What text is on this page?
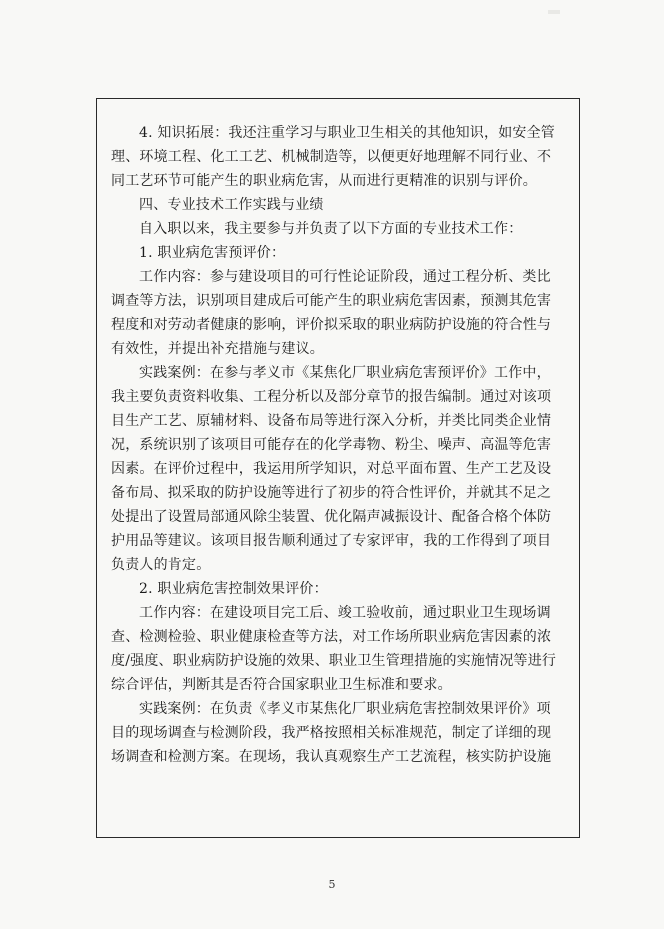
4. 知识拓展：我还注重学习与职业卫生相关的其他知识，如安全管
理、环境工程、化工工艺、机械制造等，以便更好地理解不同行业、不
同工艺环节可能产生的职业病危害，从而进行更精准的识别与评价。
四、专业技术工作实践与业绩
自入职以来，我主要参与并负责了以下方面的专业技术工作：
1. 职业病危害预评价：
工作内容：参与建设项目的可行性论证阶段，通过工程分析、类比
调查等方法，识别项目建成后可能产生的职业病危害因素，预测其危害
程度和对劳动者健康的影响，评价拟采取的职业病防护设施的符合性与
有效性，并提出补充措施与建议。
实践案例：在参与孝义市《某焦化厂职业病危害预评价》工作中，
我主要负责资料收集、工程分析以及部分章节的报告编制。通过对该项
目生产工艺、原辅材料、设备布局等进行深入分析，并类比同类企业情
况，系统识别了该项目可能存在的化学毒物、粉尘、噪声、高温等危害
因素。在评价过程中，我运用所学知识，对总平面布置、生产工艺及设
备布局、拟采取的防护设施等进行了初步的符合性评价，并就其不足之
处提出了设置局部通风除尘装置、优化隔声减振设计、配备合格个体防
护用品等建议。该项目报告顺利通过了专家评审，我的工作得到了项目
负责人的肯定。
2. 职业病危害控制效果评价：
工作内容：在建设项目完工后、竣工验收前，通过职业卫生现场调
查、检测检验、职业健康检查等方法，对工作场所职业病危害因素的浓
度/强度、职业病防护设施的效果、职业卫生管理措施的实施情况等进行
综合评估，判断其是否符合国家职业卫生标准和要求。
实践案例：在负责《孝义市某焦化厂职业病危害控制效果评价》项
目的现场调查与检测阶段，我严格按照相关标准规范，制定了详细的现
场调查和检测方案。在现场，我认真观察生产工艺流程，核实防护设施
5
